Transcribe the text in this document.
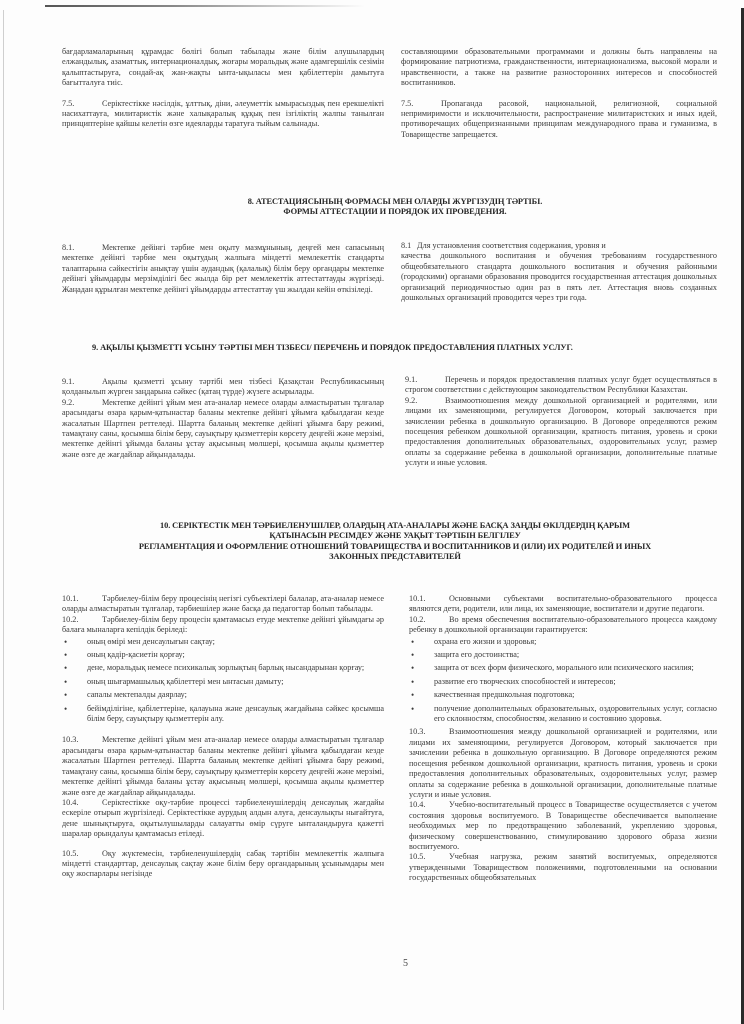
бағдарламаларының құрамдас бөлігі болып табылады және білім алушылардың елжандылық, азаматтық, интернационалдық, жоғары моральдық және адамгершілік сезімін қалыптастыруға, сондай-ақ жан-жақты ынта-ықыласы мен қабілеттерін дамытуға бағытталуға тиіс.

7.5.	Серіктестікке нәсілдік, ұлттық, діни, әлеуметтік ымырасыздық пен ерекшелікті насихаттауға, милитаристік және халықаралық құқық пен ізгіліктің жалпы танылған принциптеріне қайшы келетін өзге идеяларды таратуға тыйым салынады.

составляющими образовательными программами и должны быть направлены на формирование патриотизма, гражданственности, интернационализма, высокой морали и нравственности, а также на развитие разносторонних интересов и способностей воспитанников.

7.5.	Пропаганда расовой, национальной, религиозной, социальной непримиримости и исключительности, распространение милитаристских и иных идей, противоречащих общепризнанными принципам международного права и гуманизма, в Товариществе запрещается.

8. АТЕСТАЦИЯСЫНЫҢ ФОРМАСЫ МЕН ОЛАРДЫ ЖҮРГІЗУДІҢ ТӘРТІБІ.
ФОРМЫ АТТЕСТАЦИИ И ПОРЯДОК ИХ ПРОВЕДЕНИЯ.

8.1.	Мектепке дейінгі тәрбие мен оқыту мазмұнының, деңгей мен сапасының мектепке дейінгі тәрбие мен оқытудың жалпыға міндетті мемлекеттік стандарты талаптарына сәйкестігін анықтау үшін аудандық (қалалық) білім беру органдары мектепке дейінгі ұйымдарды мерзімділігі бес жылда бір рет мемлекеттік аттестаттауды жүргізеді. Жаңадан құрылған мектепке дейінгі ұйымдарды аттестаттау үш жылдан кейін өткізіледі.

8.1 Для установления соответствия содержания, уровня и

качества дошкольного воспитания и обучения требованиям государственного общеобязательного стандарта дошкольного воспитания и обучения районными (городскими) органами образования проводится государственная аттестация дошкольных организаций периодичностью один раз в пять лет. Аттестация вновь созданных дошкольных организаций проводится через три года.

9. АҚЫЛЫ ҚЫЗМЕТТІ ҰСЫНУ ТӘРТІБІ МЕН ТІЗБЕСІ/ ПЕРЕЧЕНЬ И ПОРЯДОК ПРЕДОСТАВЛЕНИЯ ПЛАТНЫХ УСЛУГ.

9.1.	Ақылы қызметті ұсыну тәртібі мен тізбесі Қазақстан Республикасының қолданылып жүрген заңдарына сәйкес (қатаң түрде) жүзеге асырылады.

9.2.	Мектепке дейінгі ұйым мен ата-аналар немесе оларды алмастыратын тұлғалар арасындағы өзара қарым-қатынастар баланы мектепке дейінгі ұйымға қабылдаған кезде жасалатын Шартпен реттеледі. Шартта баланың мектепке дейінгі ұйымға бару режимі, тамақтану саны, қосымша білім беру, сауықтыру қызметтерін көрсету деңгейі және мерзімі, мектепке дейінгі ұйымда баланы ұстау ақысының мөлшері, қосымша ақылы қызметтер және өзге де жағдайлар айқындалады.

9.1.	Перечень и порядок предоставления платных услуг будет осуществляться в строгом соответствии с действующим законодательством Республики Казахстан.

9.2.	Взаимоотношения между дошкольной организацией и родителями, или лицами их заменяющими, регулируется Договором, который заключается при зачислении ребенка в дошкольную организацию. В Договоре определяются режим посещения ребенком дошкольной организации, кратность питания, уровень и сроки предоставления дополнительных образовательных, оздоровительных услуг, размер оплаты за содержание ребенка в дошкольной организации, дополнительные платные услуги и иные условия.

10. СЕРІКТЕСТІК МЕН ТӘРБИЕЛЕНУШІЛЕР, ОЛАРДЫҢ АТА-АНАЛАРЫ ЖӘНЕ БАСҚА ЗАҢДЫ ӨКІЛДЕРДІҢ ҚАРЫМ
ҚАТЫНАСЫН РЕСІМДЕУ ЖӘНЕ УАҚЫТ ТӘРТІБІН БЕЛГІЛЕУ
РЕГЛАМЕНТАЦИЯ И ОФОРМЛЕНИЕ ОТНОШЕНИЙ ТОВАРИЩЕСТВА И ВОСПИТАННИКОВ И (ИЛИ) ИХ РОДИТЕЛЕЙ И ИНЫХ
ЗАКОННЫХ ПРЕДСТАВИТЕЛЕЙ

10.1.	Тәрбиелеу-білім беру процесінің негізгі субъектілері балалар, ата-аналар немесе оларды алмастыратын тұлғалар, тәрбиешілер және басқа да педагогтар болып табылады.

10.2.	Тәрбиелеу-білім беру процесін қамтамасыз етуде мектепке дейінгі ұйымдағы әр балаға мыналарға кепілдік беріледі:

• оның өмірі мен денсаулығын сақтау;
• оның қадір-қасиетін қорғау;
• дене, моральдық немесе психикалық зорлықтың барлық нысандарынан қорғау;
• оның шығармашылық қабілеттері мен ынтасын дамыту;
• сапалы мектепалды даярлау;
• бейімділігіне, қабілеттеріне, қалауына және денсаулық жағдайына сәйкес қосымша білім беру, сауықтыру қызметтерін алу.

10.3.	Мектепке дейінгі ұйым мен ата-аналар немесе оларды алмастыратын тұлғалар арасындағы өзара қарым-қатынастар баланы мектепке дейінгі ұйымға қабылдаған кезде жасалатын Шартпен реттеледі. Шартта баланың мектепке дейінгі ұйымға бару режимі, тамақтану саны, қосымша білім беру, сауықтыру қызметтерін көрсету деңгейі және мерзімі, мектепке дейінгі ұйымда баланы ұстау ақысының мөлшері, қосымша ақылы қызметтер және өзге де жағдайлар айқындалады.

10.4.	Серіктестікке оқу-тәрбие процессі тәрбиеленушілердің денсаулық жағдайы ескеріле отырып жүргізіледі. Серіктестікке аурудың алдын алуға, денсаулықты нығайтуға, дене шынықтыруға, оқытылушыларды салауатты өмір сүруге ынталандыруға қажетті шаралар орындалуы қамтамасыз етіледі.

10.5.	Оқу жүктемесін, тәрбиеленушілердің сабақ тәртібін мемлекеттік жалпыға міндетті стандарттар, денсаулық сақтау және білім беру органдарының ұсынымдары мен оқу жоспарлары негізінде

10.1.	Основными субъектами воспитательно-образовательного процесса являются дети, родители, или лица, их заменяющие, воспитатели и другие педагоги.

10.2.	Во время обеспечения воспитательно-образовательного процесса каждому ребенку в дошкольной организации гарантируется:

• охрана его жизни и здоровья;
• защита его достоинства;
• защита от всех форм физического, морального или психического насилия;
• развитие его творческих способностей и интересов;
• качественная предшкольная подготовка;
• получение дополнительных образовательных, оздоровительных услуг, согласно его склонностям, способностям, желанию и состоянию здоровья.

10.3.	Взаимоотношения между дошкольной организацией и родителями, или лицами их заменяющими, регулируется Договором, который заключается при зачислении ребенка в дошкольную организацию. В Договоре определяются режим посещения ребенком дошкольной организации, кратность питания, уровень и сроки предоставления дополнительных образовательных, оздоровительных услуг, размер оплаты за содержание ребенка в дошкольной организации, дополнительные платные услуги и иные условия.

10.4.	Учебно-воспитательный процесс в Товариществе осуществляется с учетом состояния здоровья воспитуемого. В Товариществе обеспечивается выполнение необходимых мер по предотвращению заболеваний, укреплению здоровья, физическому совершенствованию, стимулированию здорового образа жизни воспитуемого.

10.5.	Учебная нагрузка, режим занятий воспитуемых, определяются утвержденными Товариществом положениями, подготовленными на основании государственных общеобязательных

5
